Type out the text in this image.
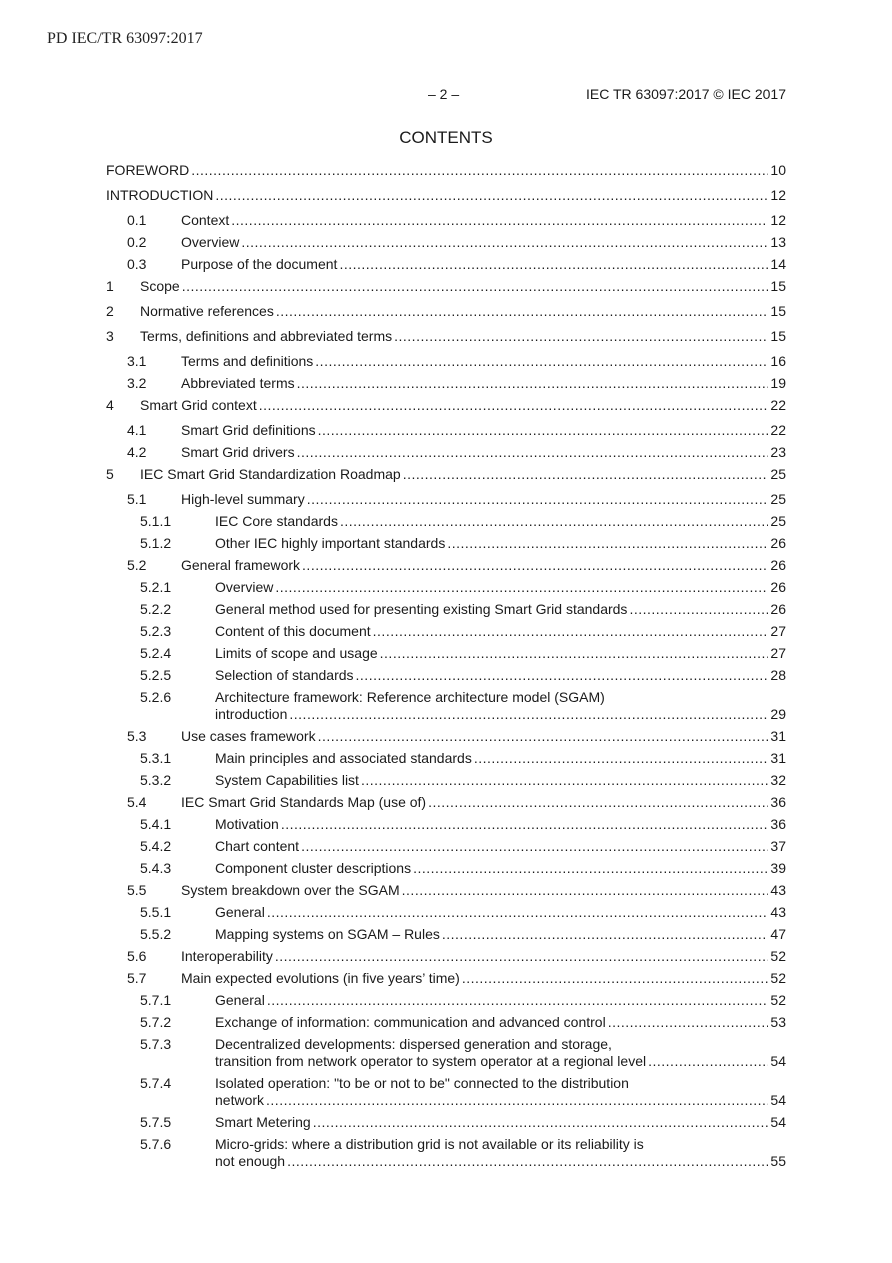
PD IEC/TR 63097:2017
– 2 –	IEC TR 63097:2017 © IEC 2017
CONTENTS
FOREWORD .....	10
INTRODUCTION .....	12
0.1 Context .....	12
0.2 Overview .....	13
0.3 Purpose of the document .....	14
1 Scope .....	15
2 Normative references .....	15
3 Terms, definitions and abbreviated terms .....	15
3.1 Terms and definitions .....	16
3.2 Abbreviated terms .....	19
4 Smart Grid context .....	22
4.1 Smart Grid definitions .....	22
4.2 Smart Grid drivers .....	23
5 IEC Smart Grid Standardization Roadmap .....	25
5.1 High-level summary .....	25
5.1.1	IEC Core standards .....	25
5.1.2	Other IEC highly important standards .....	26
5.2 General framework .....	26
5.2.1	Overview .....	26
5.2.2	General method used for presenting existing Smart Grid standards .....	26
5.2.3	Content of this document .....	27
5.2.4	Limits of scope and usage .....	27
5.2.5	Selection of standards .....	28
5.2.6	Architecture framework: Reference architecture model (SGAM)
introduction .....	29
5.3 Use cases framework .....	31
5.3.1	Main principles and associated standards .....	31
5.3.2	System Capabilities list .....	32
5.4 IEC Smart Grid Standards Map (use of) .....	36
5.4.1	Motivation .....	36
5.4.2	Chart content .....	37
5.4.3	Component cluster descriptions .....	39
5.5 System breakdown over the SGAM .....	43
5.5.1	General .....	43
5.5.2	Mapping systems on SGAM – Rules .....	47
5.6 Interoperability .....	52
5.7 Main expected evolutions (in five years’ time) .....	52
5.7.1	General .....	52
5.7.2	Exchange of information: communication and advanced control .....	53
5.7.3	Decentralized developments: dispersed generation and storage,
transition from network operator to system operator at a regional level .....	54
5.7.4	Isolated operation: "to be or not to be" connected to the distribution
network .....	54
5.7.5	Smart Metering .....	54
5.7.6	Micro-grids: where a distribution grid is not available or its reliability is
not enough .....	55
